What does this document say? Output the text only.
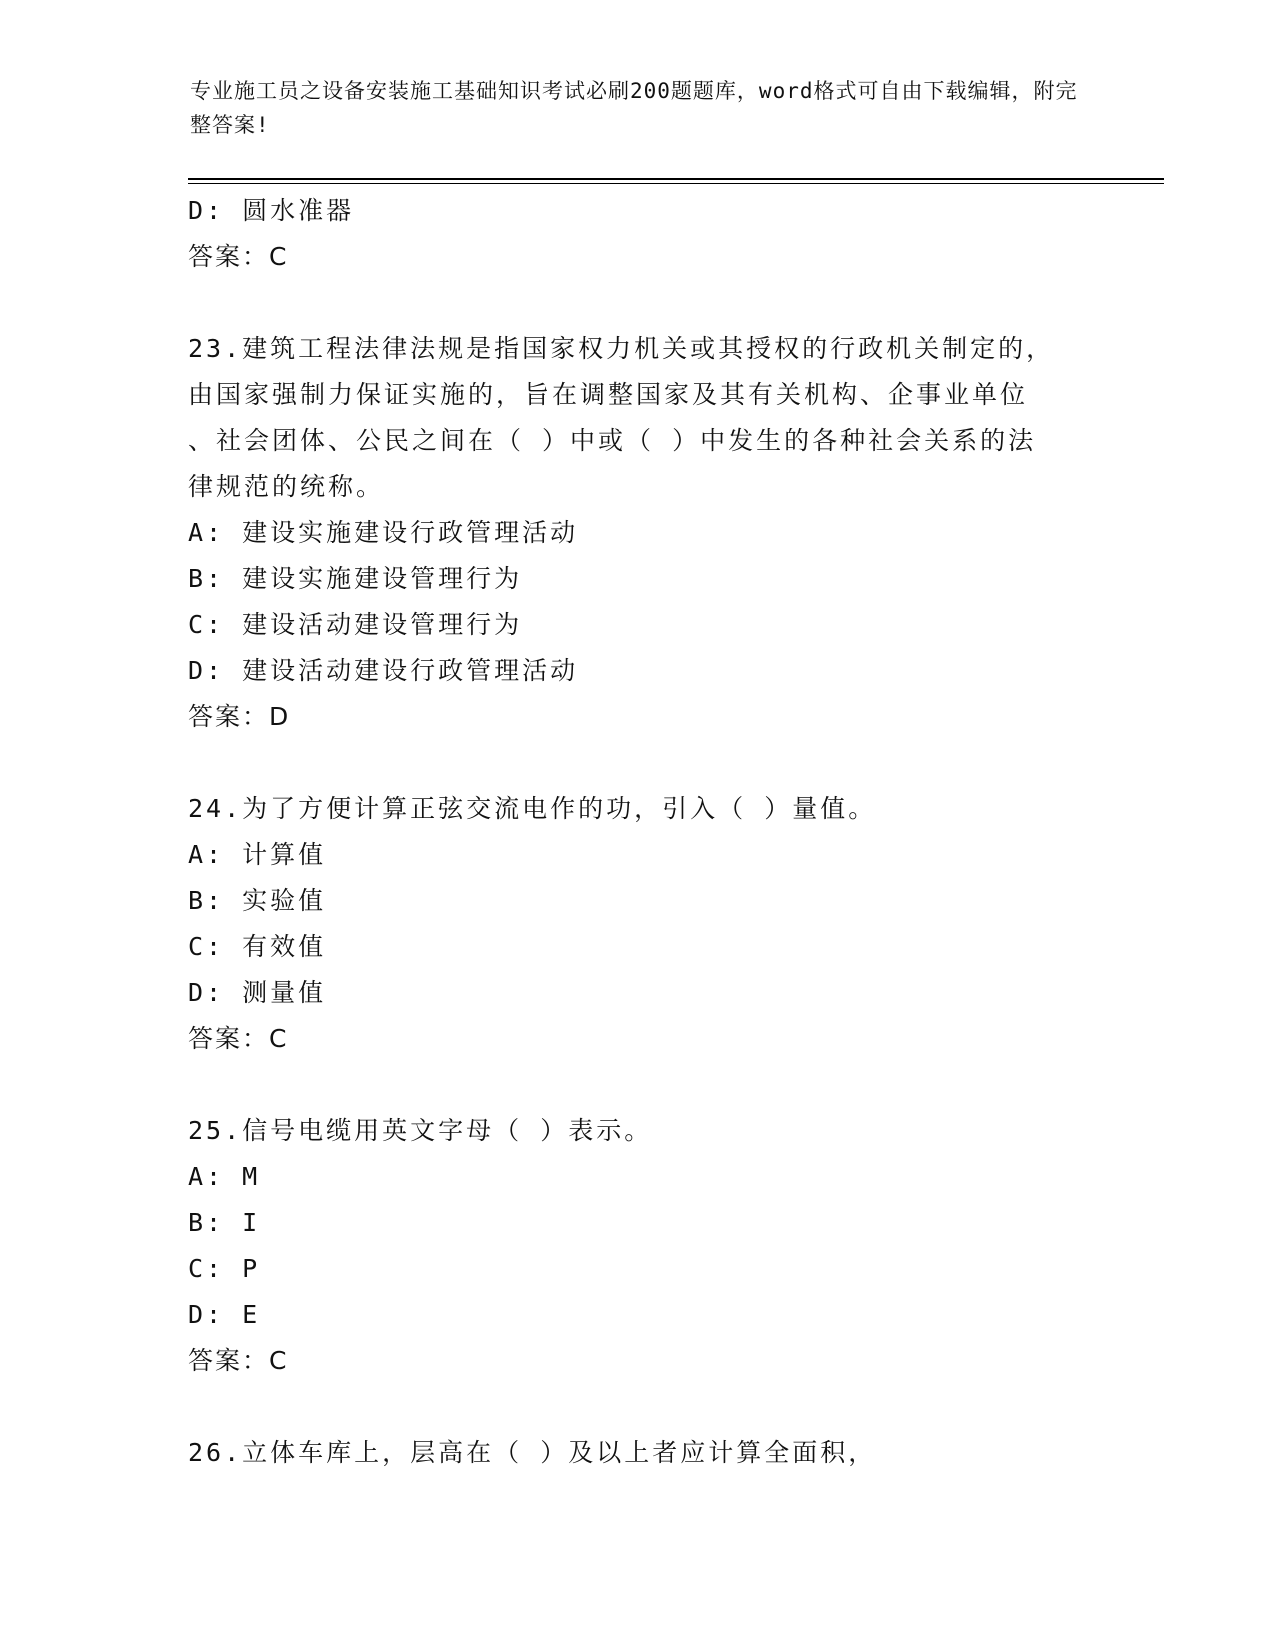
专业施工员之设备安装施工基础知识考试必刷200题题库，word格式可自由下载编辑，附完整答案!

D: 圆水准器

答案：C

23.建筑工程法律法规是指国家权力机关或其授权的行政机关制定的，

由国家强制力保证实施的，旨在调整国家及其有关机构、企事业单位

、社会团体、公民之间在（ ）中或（ ）中发生的各种社会关系的法

律规范的统称。

A: 建设实施建设行政管理活动

B: 建设实施建设管理行为

C: 建设活动建设管理行为

D: 建设活动建设行政管理活动

答案：D

24.为了方便计算正弦交流电作的功，引入（ ）量值。

A: 计算值

B: 实验值

C: 有效值

D: 测量值

答案：C

25.信号电缆用英文字母（ ）表示。

A: M

B: I

C: P

D: E

答案：C

26.立体车库上，层高在（ ）及以上者应计算全面积，
